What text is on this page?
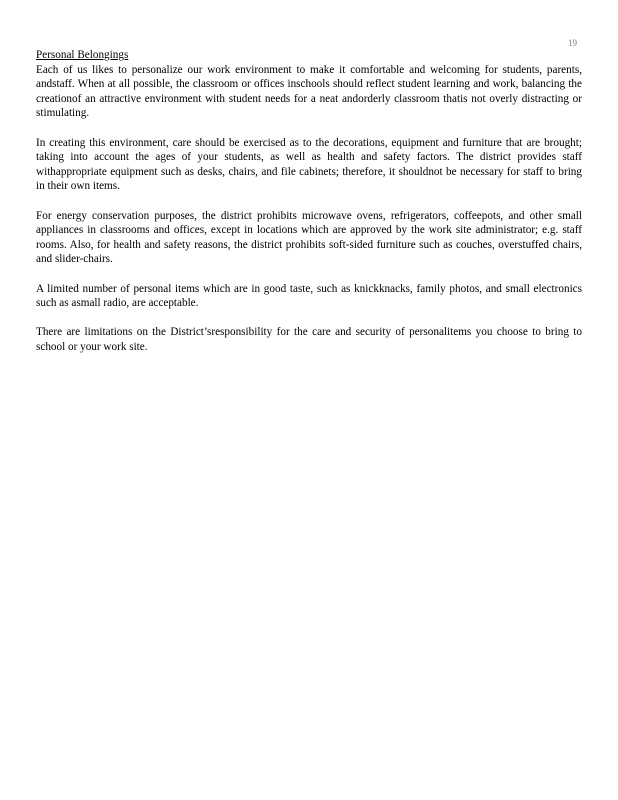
19
Personal Belongings

Each of us likes to personalize our work environment to make it comfortable and welcoming for students, parents, andstaff. When at all possible, the classroom or offices inschools should reflect student learning and work, balancing the creationof an attractive environment with student needs for a neat andorderly classroom thatis not overly distracting or stimulating.

In creating this environment, care should be exercised as to the decorations, equipment and furniture that are brought; taking into account the ages of your students, as well as health and safety factors. The district provides staff withappropriate equipment such as desks, chairs, and file cabinets; therefore, it shouldnot be necessary for staff to bring in their own items.

For energy conservation purposes, the district prohibits microwave ovens, refrigerators, coffeepots, and other small appliances in classrooms and offices, except in locations which are approved by the work site administrator; e.g. staff rooms. Also, for health and safety reasons, the district prohibits soft-sided furniture such as couches, overstuffed chairs, and slider-chairs.

A limited number of personal items which are in good taste, such as knickknacks, family photos, and small electronics such as asmall radio, are acceptable.

There are limitations on the District’sresponsibility for the care and security of personalitems you choose to bring to school or your work site.
